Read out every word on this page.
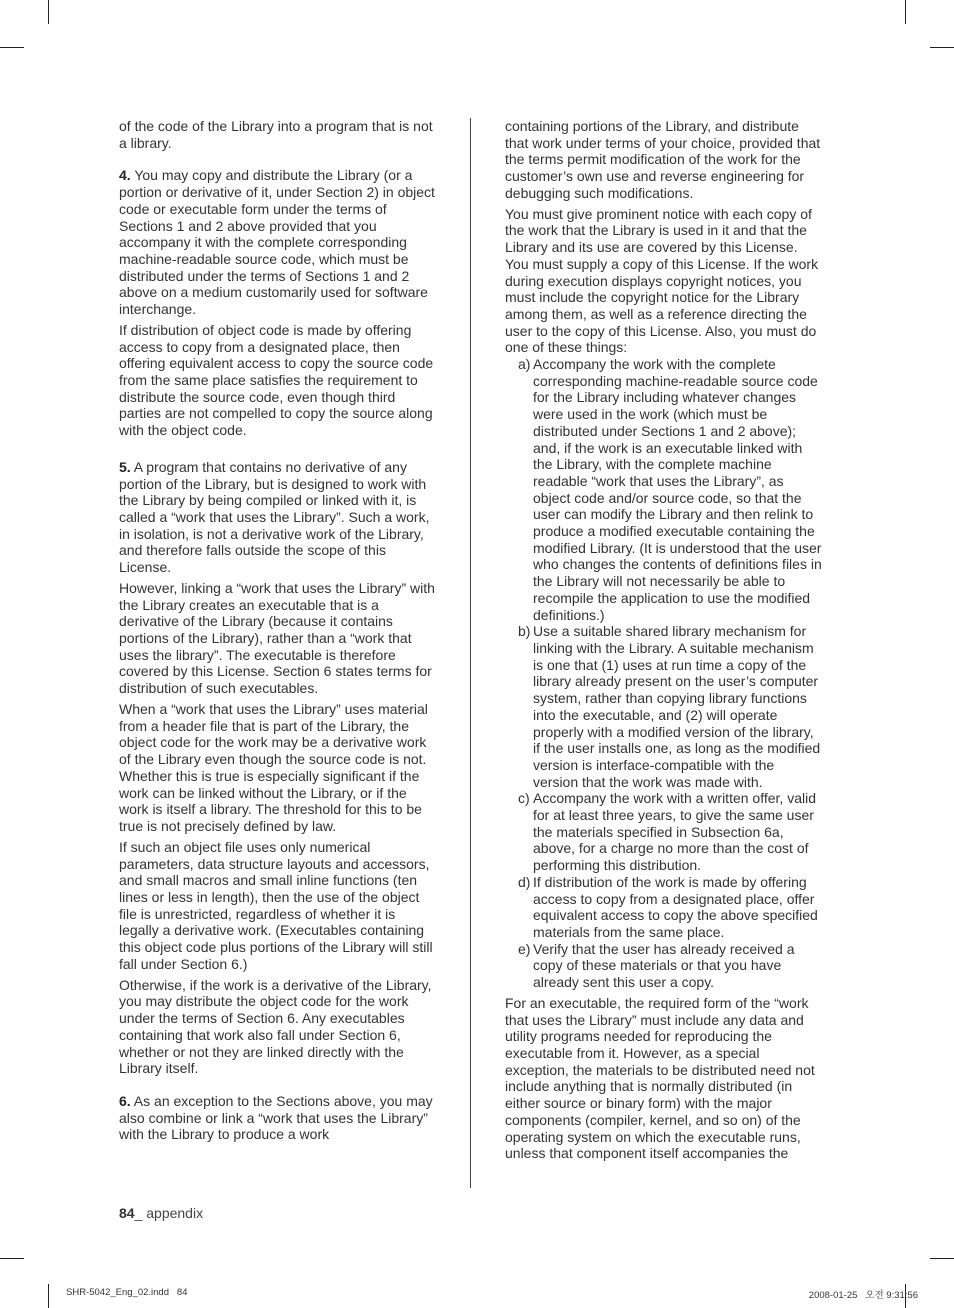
of the code of the Library into a program that is not a library.

4. You may copy and distribute the Library (or a portion or derivative of it, under Section 2) in object code or executable form under the terms of Sections 1 and 2 above provided that you accompany it with the complete corresponding machine-readable source code, which must be distributed under the terms of Sections 1 and 2 above on a medium customarily used for software interchange.

If distribution of object code is made by offering access to copy from a designated place, then offering equivalent access to copy the source code from the same place satisfies the requirement to distribute the source code, even though third parties are not compelled to copy the source along with the object code.

5. A program that contains no derivative of any portion of the Library, but is designed to work with the Library by being compiled or linked with it, is called a “work that uses the Library”. Such a work, in isolation, is not a derivative work of the Library, and therefore falls outside the scope of this License.

However, linking a “work that uses the Library” with the Library creates an executable that is a derivative of the Library (because it contains portions of the Library), rather than a “work that uses the library”. The executable is therefore covered by this License. Section 6 states terms for distribution of such executables.

When a “work that uses the Library” uses material from a header file that is part of the Library, the object code for the work may be a derivative work of the Library even though the source code is not. Whether this is true is especially significant if the work can be linked without the Library, or if the work is itself a library. The threshold for this to be true is not precisely defined by law.

If such an object file uses only numerical parameters, data structure layouts and accessors, and small macros and small inline functions (ten lines or less in length), then the use of the object file is unrestricted, regardless of whether it is legally a derivative work. (Executables containing this object code plus portions of the Library will still fall under Section 6.)

Otherwise, if the work is a derivative of the Library, you may distribute the object code for the work under the terms of Section 6. Any executables containing that work also fall under Section 6, whether or not they are linked directly with the Library itself.

6. As an exception to the Sections above, you may also combine or link a “work that uses the Library” with the Library to produce a work

containing portions of the Library, and distribute that work under terms of your choice, provided that the terms permit modification of the work for the customer’s own use and reverse engineering for debugging such modifications.

You must give prominent notice with each copy of the work that the Library is used in it and that the Library and its use are covered by this License. You must supply a copy of this License. If the work during execution displays copyright notices, you must include the copyright notice for the Library among them, as well as a reference directing the user to the copy of this License. Also, you must do one of these things:

a) Accompany the work with the complete corresponding machine-readable source code for the Library including whatever changes were used in the work (which must be distributed under Sections 1 and 2 above); and, if the work is an executable linked with the Library, with the complete machine readable “work that uses the Library”, as object code and/or source code, so that the user can modify the Library and then relink to produce a modified executable containing the modified Library. (It is understood that the user who changes the contents of definitions files in the Library will not necessarily be able to recompile the application to use the modified definitions.)
b) Use a suitable shared library mechanism for linking with the Library. A suitable mechanism is one that (1) uses at run time a copy of the library already present on the user’s computer system, rather than copying library functions into the executable, and (2) will operate properly with a modified version of the library, if the user installs one, as long as the modified version is interface-compatible with the version that the work was made with.
c) Accompany the work with a written offer, valid for at least three years, to give the same user the materials specified in Subsection 6a, above, for a charge no more than the cost of performing this distribution.
d) If distribution of the work is made by offering access to copy from a designated place, offer equivalent access to copy the above specified materials from the same place.
e) Verify that the user has already received a copy of these materials or that you have already sent this user a copy.

For an executable, the required form of the “work that uses the Library” must include any data and utility programs needed for reproducing the executable from it. However, as a special exception, the materials to be distributed need not include anything that is normally distributed (in either source or binary form) with the major components (compiler, kernel, and so on) of the operating system on which the executable runs, unless that component itself accompanies the

84_ appendix
SHR-5042_Eng_02.indd   84	2008-01-25   오전 9:31:56
